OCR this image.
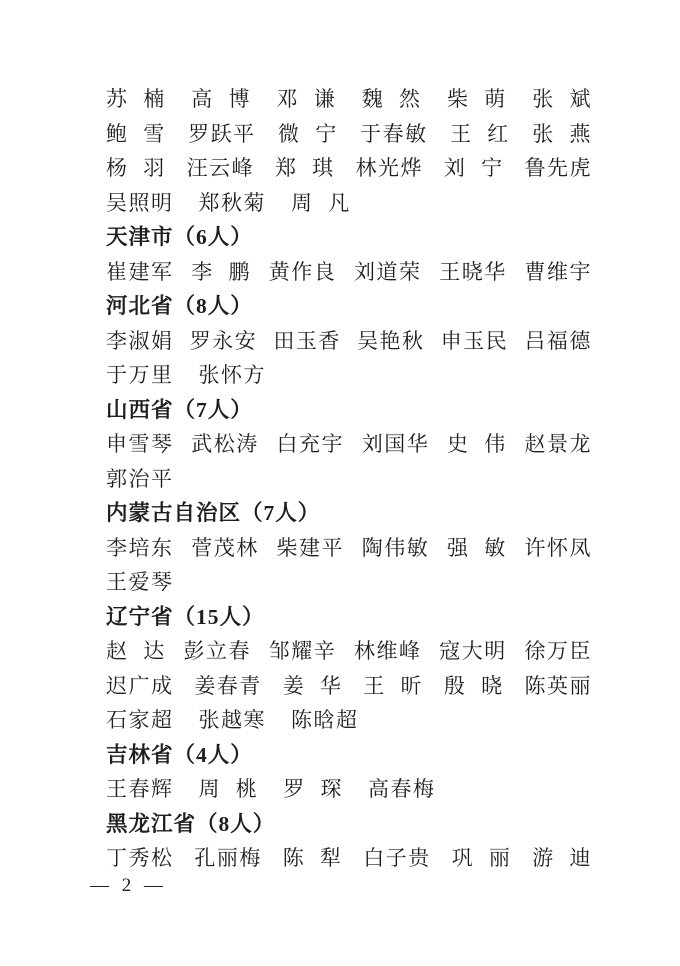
苏 楠 高 博 邓 谦 魏 然 柴 萌 张 斌
鲍 雪 罗跃平 微 宁 于春敏 王 红 张 燕
杨 羽 汪云峰 郑 琪 林光烨 刘 宁 鲁先虎
吴照明 郑秋菊 周 凡
天津市（6人）
崔建军 李 鹏 黄作良 刘道荣 王晓华 曹维宇
河北省（8人）
李淑娟 罗永安 田玉香 吴艳秋 申玉民 吕福德
于万里 张怀方
山西省（7人）
申雪琴 武松涛 白充宇 刘国华 史 伟 赵景龙
郭治平
内蒙古自治区（7人）
李培东 菅茂林 柴建平 陶伟敏 强 敏 许怀凤
王爱琴
辽宁省（15人）
赵 达 彭立春 邹耀辛 林维峰 寇大明 徐万臣
迟广成 姜春青 姜 华 王 昕 殷 晓 陈英丽
石家超 张越寒 陈晗超
吉林省（4人）
王春辉 周 桃 罗 琛 高春梅
黑龙江省（8人）
丁秀松 孔丽梅 陈 犁 白子贵 巩 丽 游 迪
— 2 —
